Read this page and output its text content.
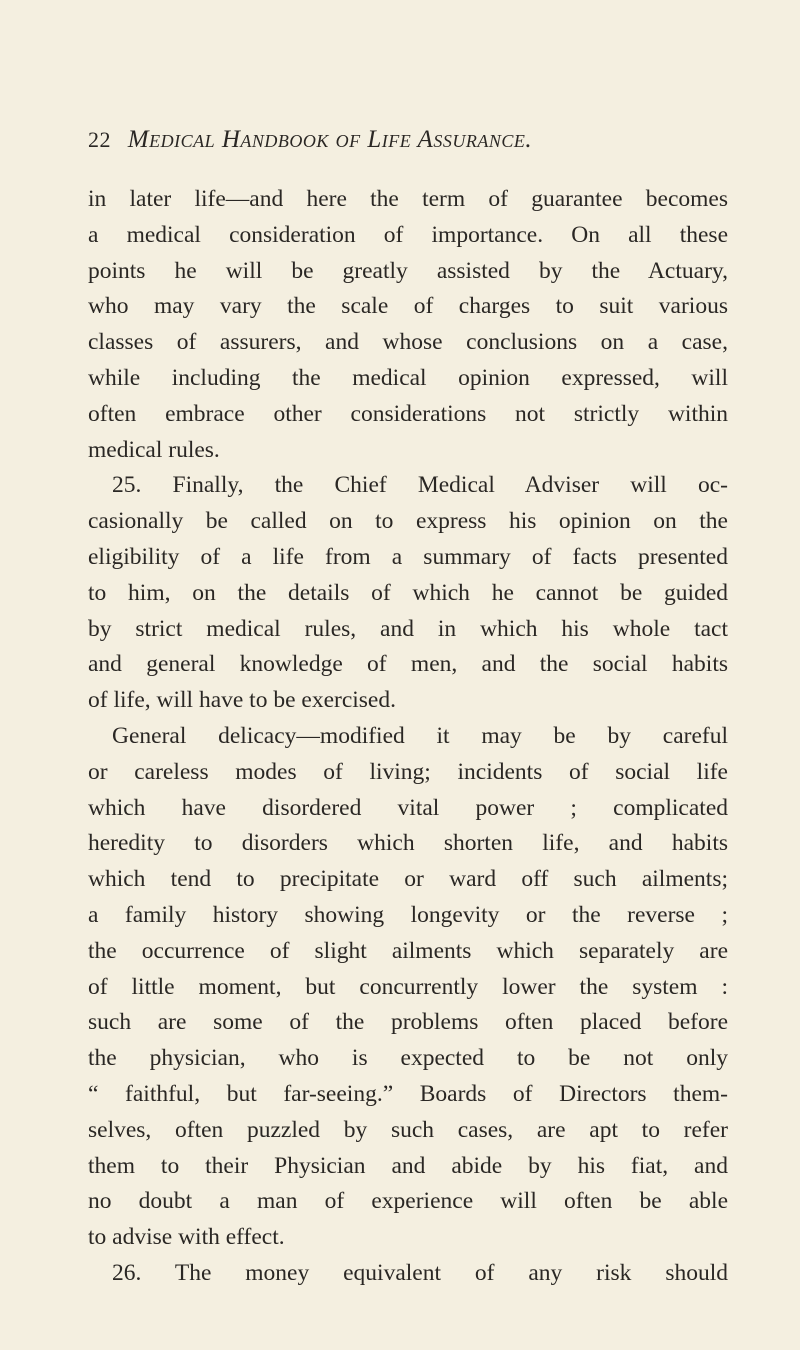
22 Medical Handbook of Life Assurance.
in later life—and here the term of guarantee becomes
a medical consideration of importance. On all these
points he will be greatly assisted by the Actuary,
who may vary the scale of charges to suit various
classes of assurers, and whose conclusions on a case,
while including the medical opinion expressed, will
often embrace other considerations not strictly within
medical rules.
25. Finally, the Chief Medical Adviser will oc-
casionally be called on to express his opinion on the
eligibility of a life from a summary of facts presented
to him, on the details of which he cannot be guided
by strict medical rules, and in which his whole tact
and general knowledge of men, and the social habits
of life, will have to be exercised.
General delicacy—modified it may be by careful
or careless modes of living; incidents of social life
which have disordered vital power ; complicated
heredity to disorders which shorten life, and habits
which tend to precipitate or ward off such ailments;
a family history showing longevity or the reverse ;
the occurrence of slight ailments which separately are
of little moment, but concurrently lower the system :
such are some of the problems often placed before
the physician, who is expected to be not only
“ faithful, but far-seeing.” Boards of Directors them-
selves, often puzzled by such cases, are apt to refer
them to their Physician and abide by his fiat, and
no doubt a man of experience will often be able
to advise with effect.
26. The money equivalent of any risk should
